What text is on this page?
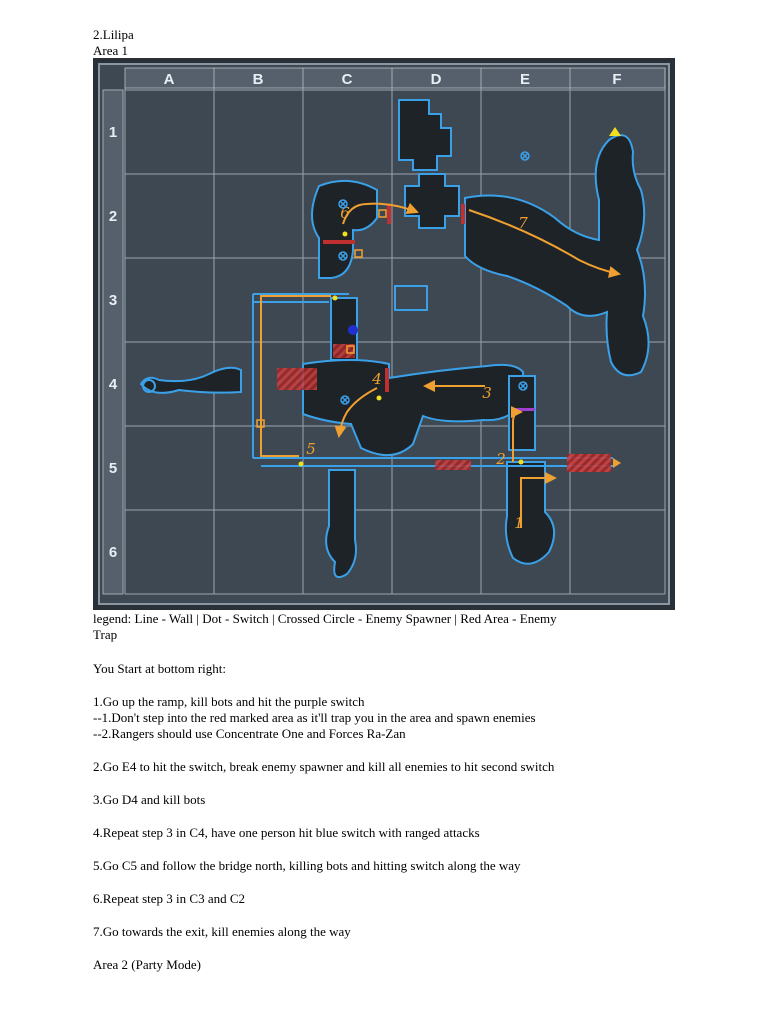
2.Lilipa

Area 1

A	B	C	D	E	F
1
2
3
4
5
6
1
2
3
4
5
6
7

legend: Line - Wall | Dot - Switch | Crossed Circle - Enemy Spawner | Red Area - Enemy

Trap

You Start at bottom right:

1.Go up the ramp, kill bots and hit the purple switch

--1.Don't step into the red marked area as it'll trap you in the area and spawn enemies

--2.Rangers should use Concentrate One and Forces Ra-Zan

2.Go E4 to hit the switch, break enemy spawner and kill all enemies to hit second switch

3.Go D4 and kill bots

4.Repeat step 3 in C4, have one person hit blue switch with ranged attacks

5.Go C5 and follow the bridge north, killing bots and hitting switch along the way

6.Repeat step 3 in C3 and C2

7.Go towards the exit, kill enemies along the way

Area 2 (Party Mode)
